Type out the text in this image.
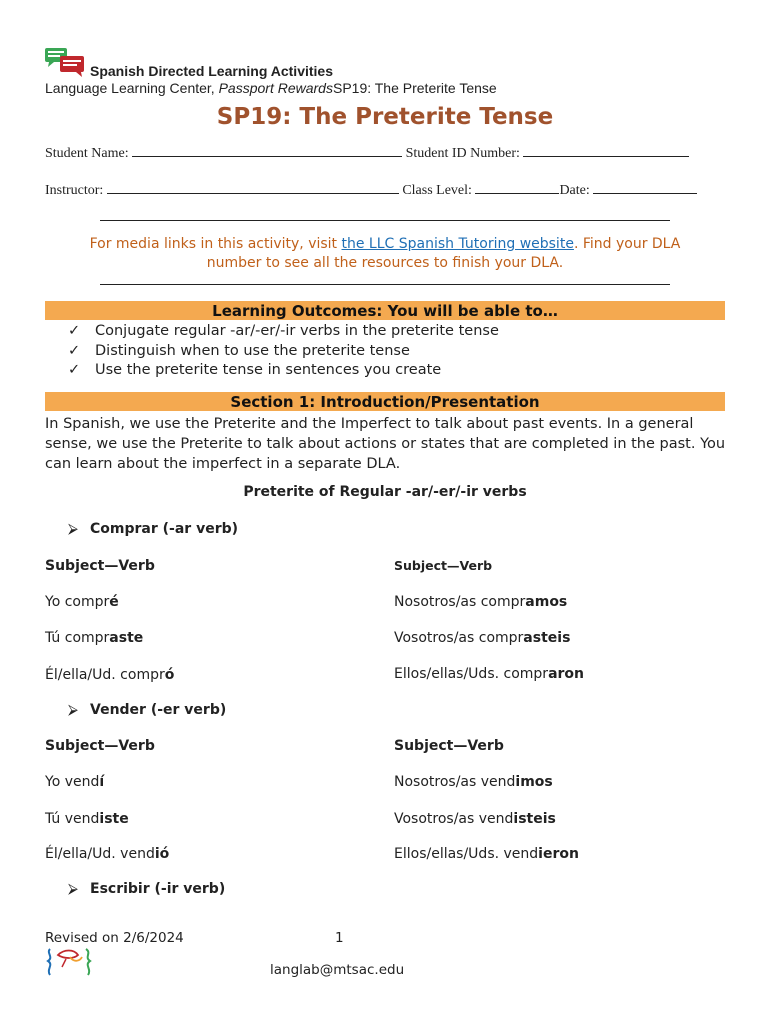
Spanish Directed Learning Activities
Language Learning Center, Passport RewardsSP19: The Preterite Tense
SP19: The Preterite Tense
Student Name:	Student ID Number:
Instructor:	Class Level:	Date:
For media links in this activity, visit the LLC Spanish Tutoring website. Find your DLA number to see all the resources to finish your DLA.
Learning Outcomes: You will be able to…
✓ Conjugate regular -ar/-er/-ir verbs in the preterite tense
✓ Distinguish when to use the preterite tense
✓ Use the preterite tense in sentences you create
Section 1: Introduction/Presentation
In Spanish, we use the Preterite and the Imperfect to talk about past events. In a general sense, we use the Preterite to talk about actions or states that are completed in the past. You can learn about the imperfect in a separate DLA.
Preterite of Regular -ar/-er/-ir verbs
⮚ Comprar (-ar verb)
Subject—Verb	Subject—Verb
Yo compré	Nosotros/as compramos
Tú compraste	Vosotros/as comprasteis
Él/ella/Ud. compró	Ellos/ellas/Uds. compraron
⮚ Vender (-er verb)
Subject—Verb	Subject—Verb
Yo vendí	Nosotros/as vendimos
Tú vendiste	Vosotros/as vendisteis
Él/ella/Ud. vendió	Ellos/ellas/Uds. vendieron
⮚ Escribir (-ir verb)
Revised on 2/6/2024	1
langlab@mtsac.edu
